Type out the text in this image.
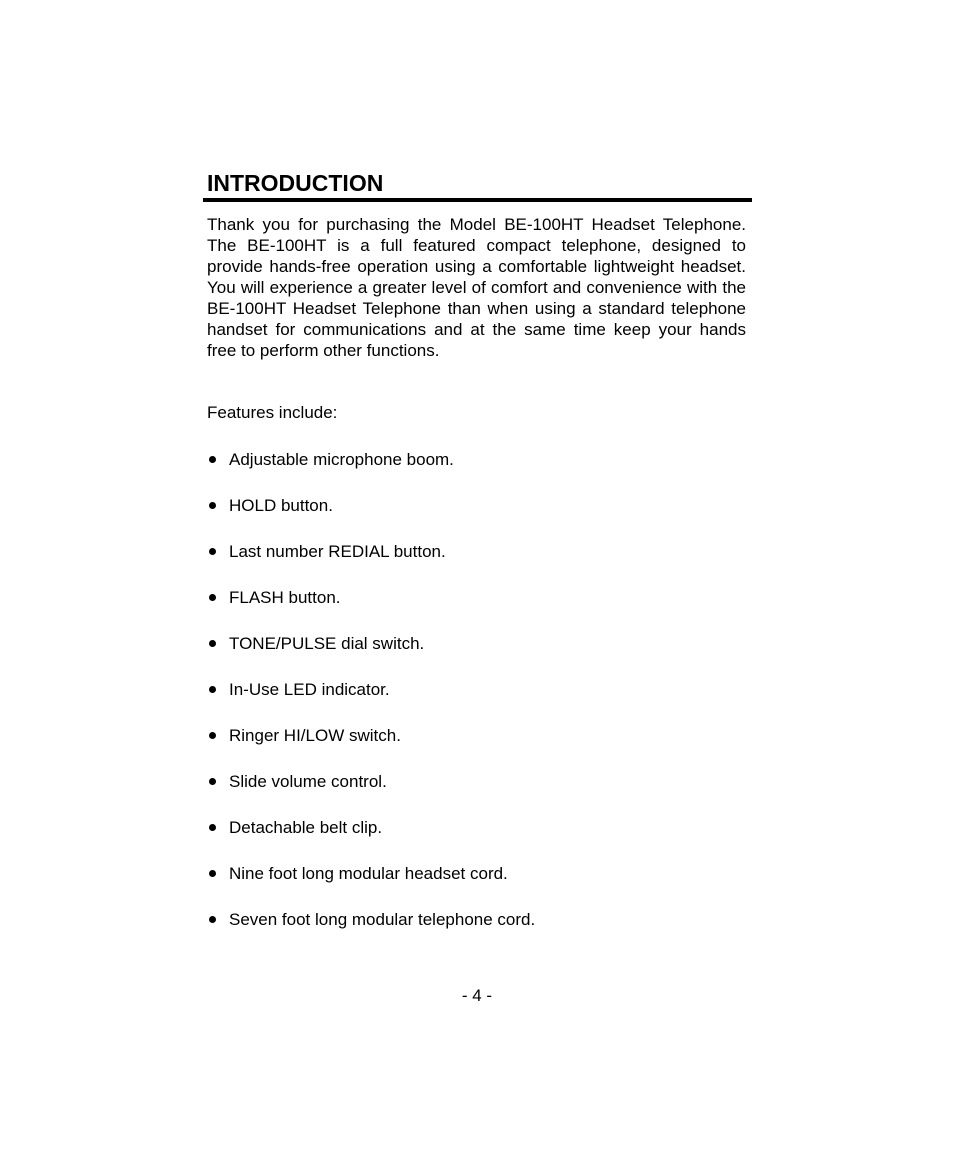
INTRODUCTION

Thank you for purchasing the Model BE-100HT Headset Telephone. The BE-100HT is a full featured compact telephone, designed to provide hands-free operation using a comfortable lightweight headset. You will experience a greater level of comfort and convenience with the BE-100HT Headset Telephone than when using a standard telephone handset for communications and at the same time keep your hands free to perform other functions.

Features include:

Adjustable microphone boom.
HOLD button.
Last number REDIAL button.
FLASH button.
TONE/PULSE dial switch.
In-Use LED indicator.
Ringer HI/LOW switch.
Slide volume control.
Detachable belt clip.
Nine foot long modular headset cord.
Seven foot long modular telephone cord.

- 4 -
